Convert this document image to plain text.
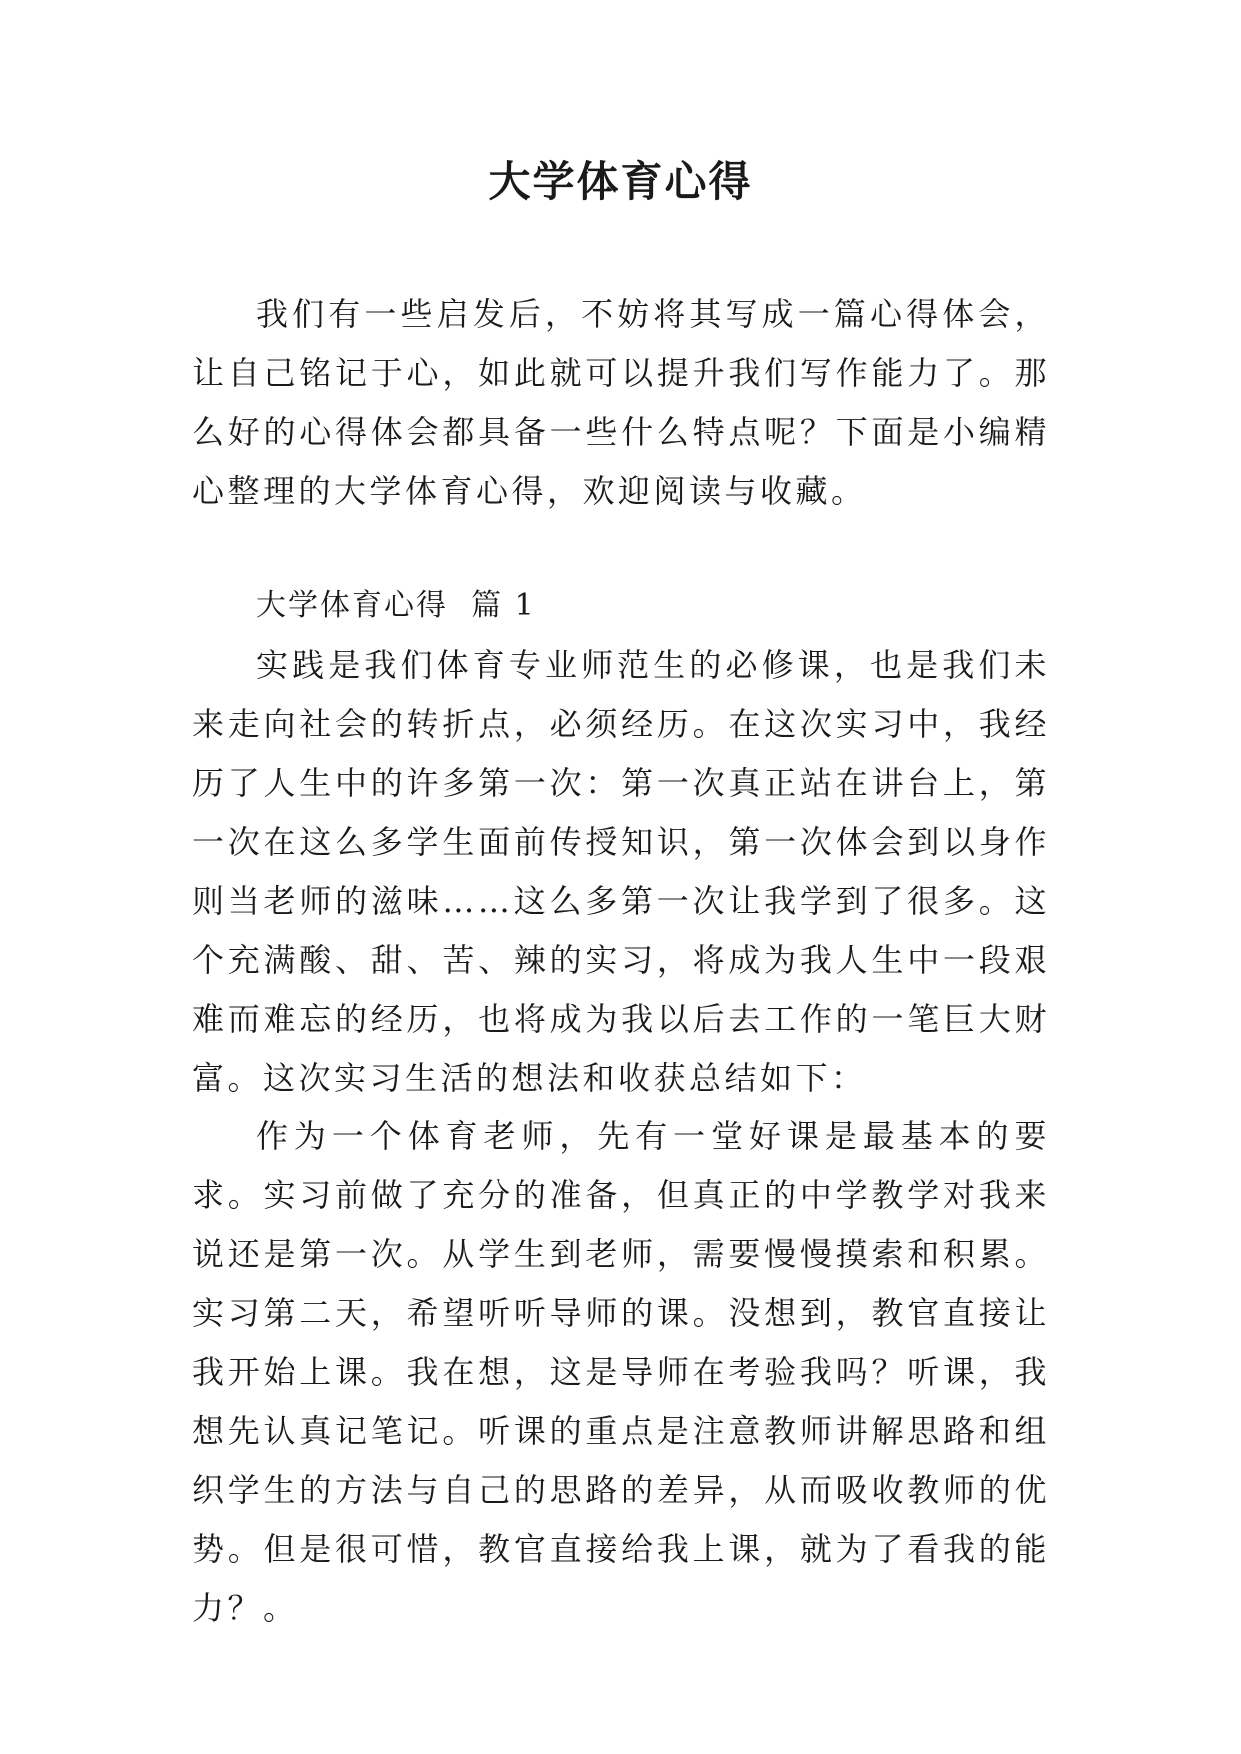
大学体育心得

我们有一些启发后，不妨将其写成一篇心得体会，让自己铭记于心，如此就可以提升我们写作能力了。那么好的心得体会都具备一些什么特点呢？下面是小编精心整理的大学体育心得，欢迎阅读与收藏。

大学体育心得  篇 1

实践是我们体育专业师范生的必修课，也是我们未来走向社会的转折点，必须经历。在这次实习中，我经历了人生中的许多第一次：第一次真正站在讲台上，第一次在这么多学生面前传授知识，第一次体会到以身作则当老师的滋味……这么多第一次让我学到了很多。这个充满酸、甜、苦、辣的实习，将成为我人生中一段艰难而难忘的经历，也将成为我以后去工作的一笔巨大财富。这次实习生活的想法和收获总结如下：

作为一个体育老师，先有一堂好课是最基本的要求。实习前做了充分的准备，但真正的中学教学对我来说还是第一次。从学生到老师，需要慢慢摸索和积累。实习第二天，希望听听导师的课。没想到，教官直接让我开始上课。我在想，这是导师在考验我吗？听课，我想先认真记笔记。听课的重点是注意教师讲解思路和组织学生的方法与自己的思路的差异，从而吸收教师的优势。但是很可惜，教官直接给我上课，就为了看我的能力？。
